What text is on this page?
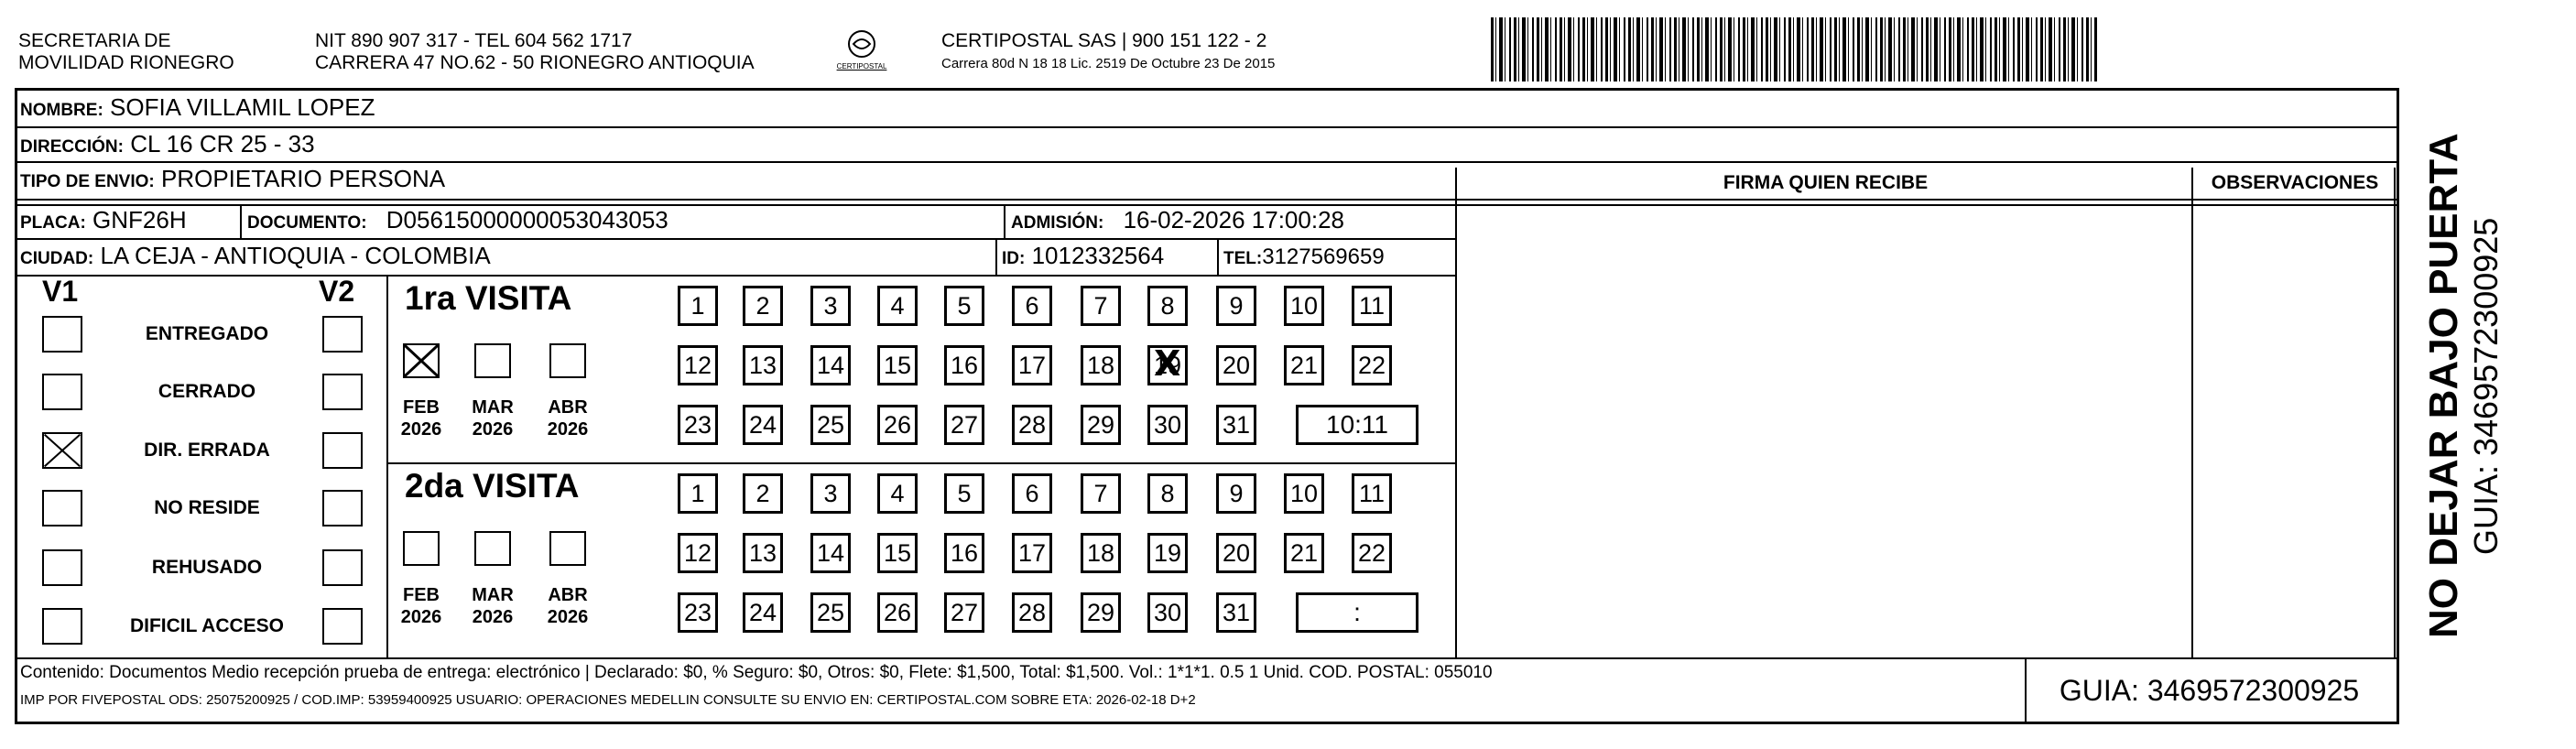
SECRETARIA DE
MOVILIDAD RIONEGRO
NIT 890 907 317 - TEL 604 562 1717
CARRERA 47 NO.62 - 50 RIONEGRO ANTIOQUIA	CERTIPOSTAL
CERTIPOSTAL SAS | 900 151 122 - 2
Carrera 80d N 18 18 Lic. 2519 De Octubre 23 De 2015
NOMBRE: SOFIA VILLAMIL LOPEZ
DIRECCIÓN: CL 16 CR 25 - 33
TIPO DE ENVIO: PROPIETARIO PERSONA	FIRMA QUIEN RECIBE	OBSERVACIONES
PLACA: GNF26H	DOCUMENTO: D05615000000053043053	ADMISIÓN: 16-02-2026 17:00:28
CIUDAD: LA CEJA - ANTIOQUIA - COLOMBIA	ID: 1012332564	TEL:3127569659
V1	V2
ENTREGADO
CERRADO
DIR. ERRADA
NO RESIDE
REHUSADO
DIFICIL ACCESO
1ra VISITA
FEB
2026
MAR
2026
ABR
2026
1	2	3	4	5	6	7	8	9	10 11
12 13 14 15 16 17 18 19 X 20 21 22
23 24 25 26 27 28 29 30 31	10:11
2da VISITA
FEB
2026
MAR
2026
ABR
2026
1	2	3	4	5	6	7	8	9	10 11
12 13 14 15 16 17 18 19 20 21 22
23 24 25 26 27 28 29 30 31	:
Contenido: Documentos Medio recepción prueba de entrega: electrónico | Declarado: $0, % Seguro: $0, Otros: $0, Flete: $1,500, Total: $1,500. Vol.: 1*1*1. 0.5 1 Unid. COD. POSTAL: 055010
IMP POR FIVEPOSTAL ODS: 25075200925 / COD.IMP: 53959400925 USUARIO: OPERACIONES MEDELLIN CONSULTE SU ENVIO EN: CERTIPOSTAL.COM SOBRE ETA: 2026-02-18 D+2	GUIA: 3469572300925
NO DEJAR BAJO PUERTA GUIA: 3469572300925
